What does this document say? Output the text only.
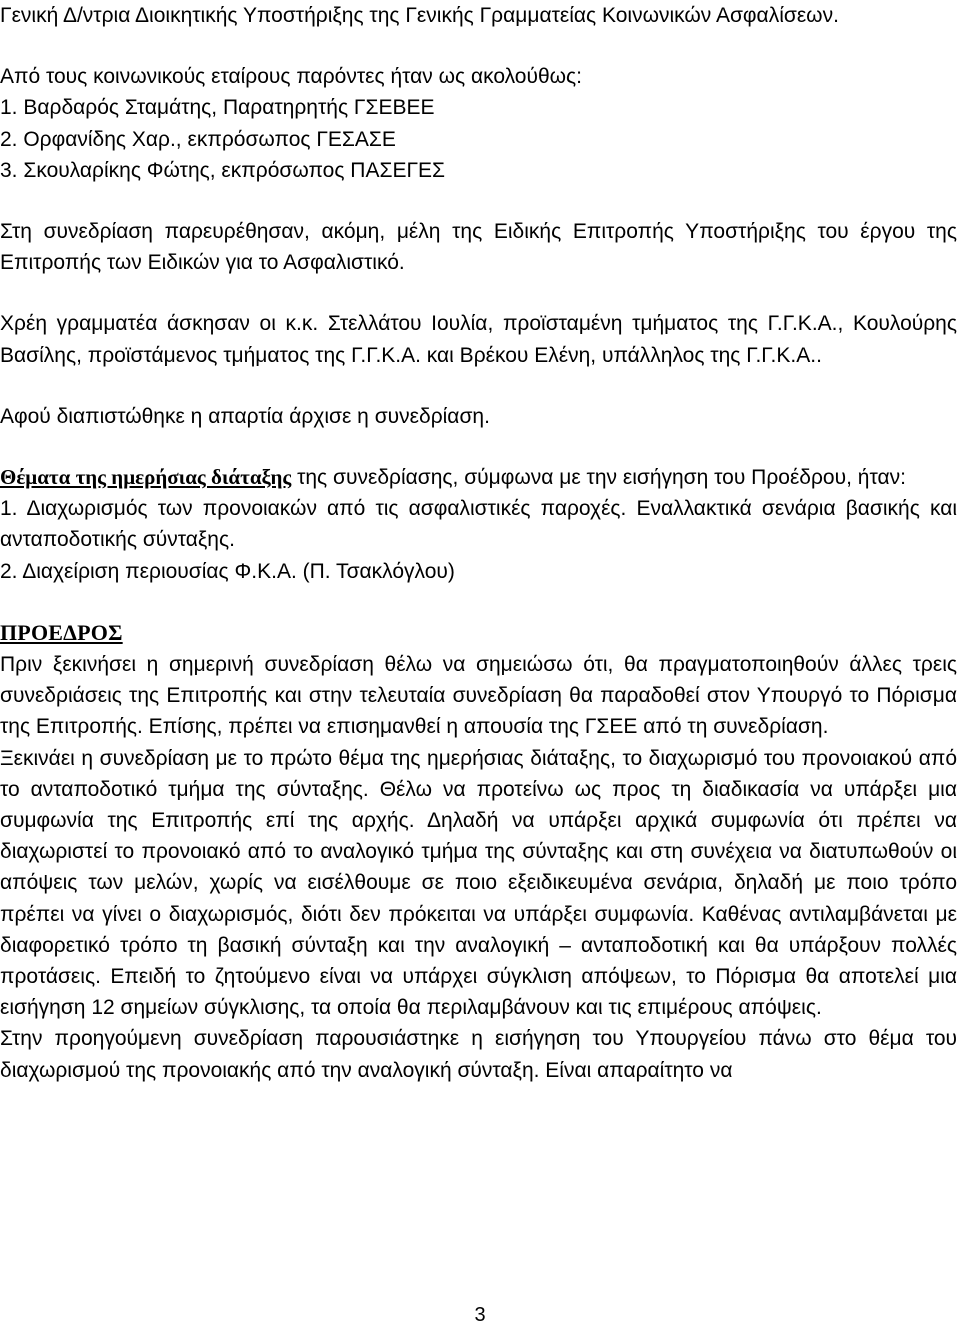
Γενική Δ/ντρια Διοικητικής Υποστήριξης της Γενικής Γραμματείας Κοινωνικών Ασφαλίσεων.

Από τους κοινωνικούς εταίρους παρόντες ήταν ως ακολούθως:

1. Βαρδαρός Σταμάτης, Παρατηρητής ΓΣΕΒΕΕ

2. Ορφανίδης Χαρ., εκπρόσωπος ΓΕΣΑΣΕ

3. Σκουλαρίκης Φώτης, εκπρόσωπος ΠΑΣΕΓΕΣ

Στη συνεδρίαση παρευρέθησαν, ακόμη, μέλη της Ειδικής Επιτροπής Υποστήριξης του έργου της Επιτροπής των Ειδικών για το Ασφαλιστικό.

Χρέη γραμματέα άσκησαν οι κ.κ. Στελλάτου Ιουλία, προϊσταμένη τμήματος της Γ.Γ.Κ.Α., Κουλούρης Βασίλης, προϊστάμενος τμήματος της Γ.Γ.Κ.Α. και Βρέκου Ελένη, υπάλληλος της Γ.Γ.Κ.Α..

Αφού διαπιστώθηκε η απαρτία άρχισε η συνεδρίαση.

Θέματα της ημερήσιας διάταξης της συνεδρίασης, σύμφωνα με την εισήγηση του Προέδρου, ήταν:

1. Διαχωρισμός των προνοιακών από τις ασφαλιστικές παροχές. Εναλλακτικά σενάρια βασικής και ανταποδοτικής σύνταξης.

2. Διαχείριση περιουσίας Φ.Κ.Α. (Π. Τσακλόγλου)

ΠΡΟΕΔΡΟΣ

Πριν ξεκινήσει η σημερινή συνεδρίαση θέλω να σημειώσω ότι, θα πραγματοποιηθούν άλλες τρεις συνεδριάσεις της Επιτροπής και στην τελευταία συνεδρίαση θα παραδοθεί στον Υπουργό το Πόρισμα της Επιτροπής. Επίσης, πρέπει να επισημανθεί η απουσία της ΓΣΕΕ από τη συνεδρίαση.

Ξεκινάει η συνεδρίαση με το πρώτο θέμα της ημερήσιας διάταξης, το διαχωρισμό του προνοιακού από το ανταποδοτικό τμήμα της σύνταξης. Θέλω να προτείνω ως προς τη διαδικασία να υπάρξει μια συμφωνία της Επιτροπής επί της αρχής. Δηλαδή να υπάρξει αρχικά συμφωνία ότι πρέπει να διαχωριστεί το προνοιακό από το αναλογικό τμήμα της σύνταξης και στη συνέχεια να διατυπωθούν οι απόψεις των μελών, χωρίς να εισέλθουμε σε ποιο εξειδικευμένα σενάρια, δηλαδή με ποιο τρόπο πρέπει να γίνει ο διαχωρισμός, διότι δεν πρόκειται να υπάρξει συμφωνία. Καθένας αντιλαμβάνεται με διαφορετικό τρόπο τη βασική σύνταξη και την αναλογική – ανταποδοτική και θα υπάρξουν πολλές προτάσεις. Επειδή το ζητούμενο είναι να υπάρχει σύγκλιση απόψεων, το Πόρισμα θα αποτελεί μια εισήγηση 12 σημείων σύγκλισης, τα οποία θα περιλαμβάνουν και τις επιμέρους απόψεις.

Στην προηγούμενη συνεδρίαση παρουσιάστηκε η εισήγηση του Υπουργείου πάνω στο θέμα του διαχωρισμού της προνοιακής από την αναλογική σύνταξη. Είναι απαραίτητο να

3
